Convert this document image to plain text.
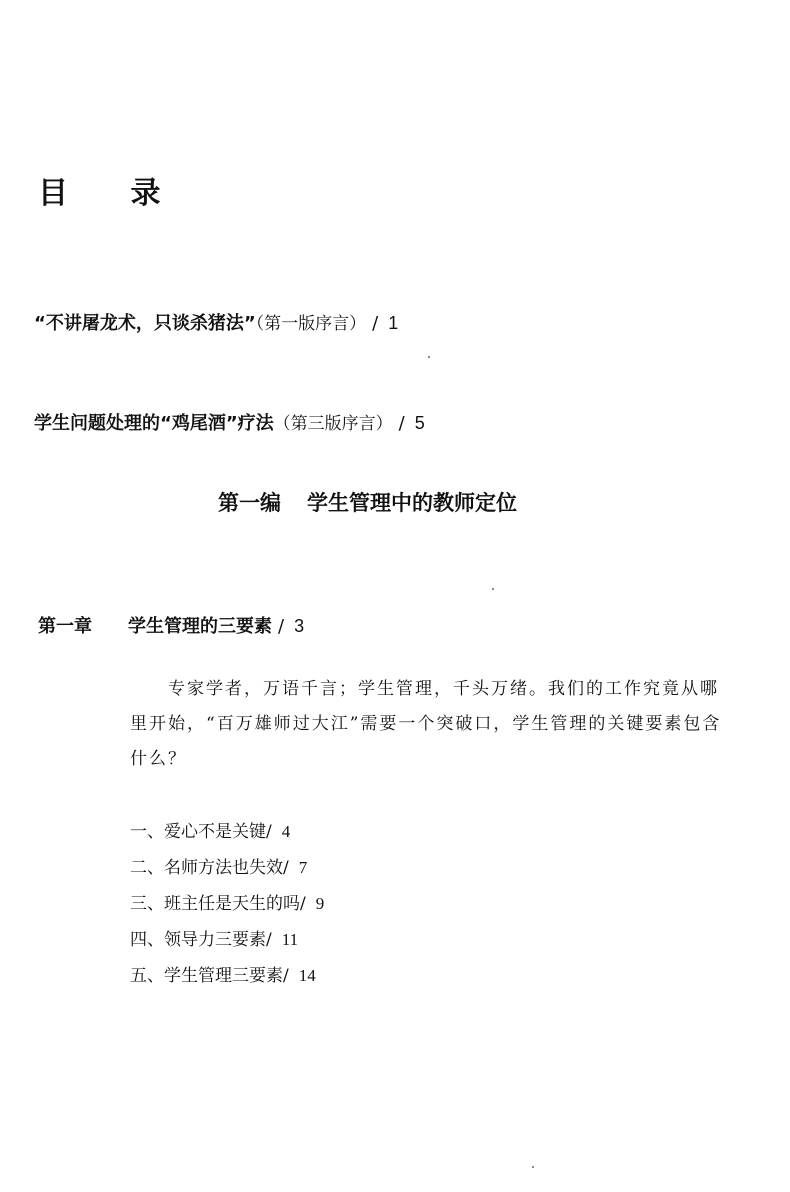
目 录
“不讲屠龙术，只谈杀猪法”（第一版序言） / 1
学生问题处理的“鸡尾酒”疗法（第三版序言） / 5
第一编 学生管理中的教师定位
第一章 学生管理的三要素 / 3
专家学者，万语千言；学生管理，千头万绪。我们的工作究竟从哪里开始，“百万雄师过大江”需要一个突破口，学生管理的关键要素包含什么？
一、爱心不是关键/ 4
二、名师方法也失效/ 7
三、班主任是天生的吗/ 9
四、领导力三要素/ 11
五、学生管理三要素/ 14
